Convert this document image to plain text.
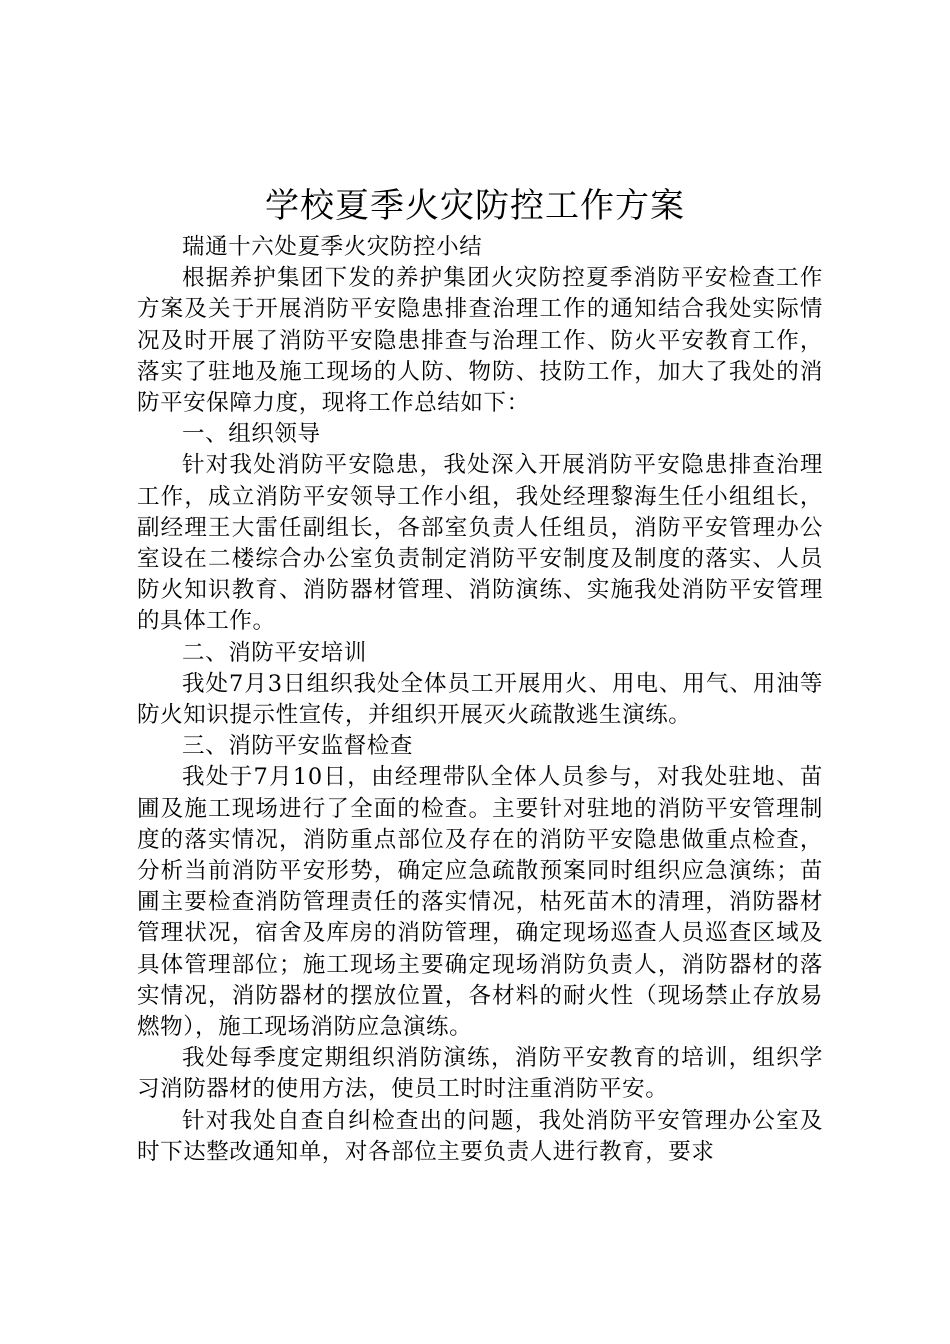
学校夏季火灾防控工作方案

瑞通十六处夏季火灾防控小结

根据养护集团下发的养护集团火灾防控夏季消防平安检查工作方案及关于开展消防平安隐患排查治理工作的通知结合我处实际情况及时开展了消防平安隐患排查与治理工作、防火平安教育工作，落实了驻地及施工现场的人防、物防、技防工作，加大了我处的消防平安保障力度，现将工作总结如下：

一、组织领导

针对我处消防平安隐患，我处深入开展消防平安隐患排查治理工作，成立消防平安领导工作小组，我处经理黎海生任小组组长，副经理王大雷任副组长，各部室负责人任组员，消防平安管理办公室设在二楼综合办公室负责制定消防平安制度及制度的落实、人员防火知识教育、消防器材管理、消防演练、实施我处消防平安管理的具体工作。

二、消防平安培训

我处7月3日组织我处全体员工开展用火、用电、用气、用油等防火知识提示性宣传，并组织开展灭火疏散逃生演练。

三、消防平安监督检查

我处于7月10日，由经理带队全体人员参与，对我处驻地、苗圃及施工现场进行了全面的检查。主要针对驻地的消防平安管理制度的落实情况，消防重点部位及存在的消防平安隐患做重点检查，分析当前消防平安形势，确定应急疏散预案同时组织应急演练；苗圃主要检查消防管理责任的落实情况，枯死苗木的清理，消防器材管理状况，宿舍及库房的消防管理，确定现场巡查人员巡查区域及具体管理部位；施工现场主要确定现场消防负责人，消防器材的落实情况，消防器材的摆放位置，各材料的耐火性（现场禁止存放易燃物），施工现场消防应急演练。

我处每季度定期组织消防演练，消防平安教育的培训，组织学习消防器材的使用方法，使员工时时注重消防平安。

针对我处自查自纠检查出的问题，我处消防平安管理办公室及时下达整改通知单，对各部位主要负责人进行教育，要求
